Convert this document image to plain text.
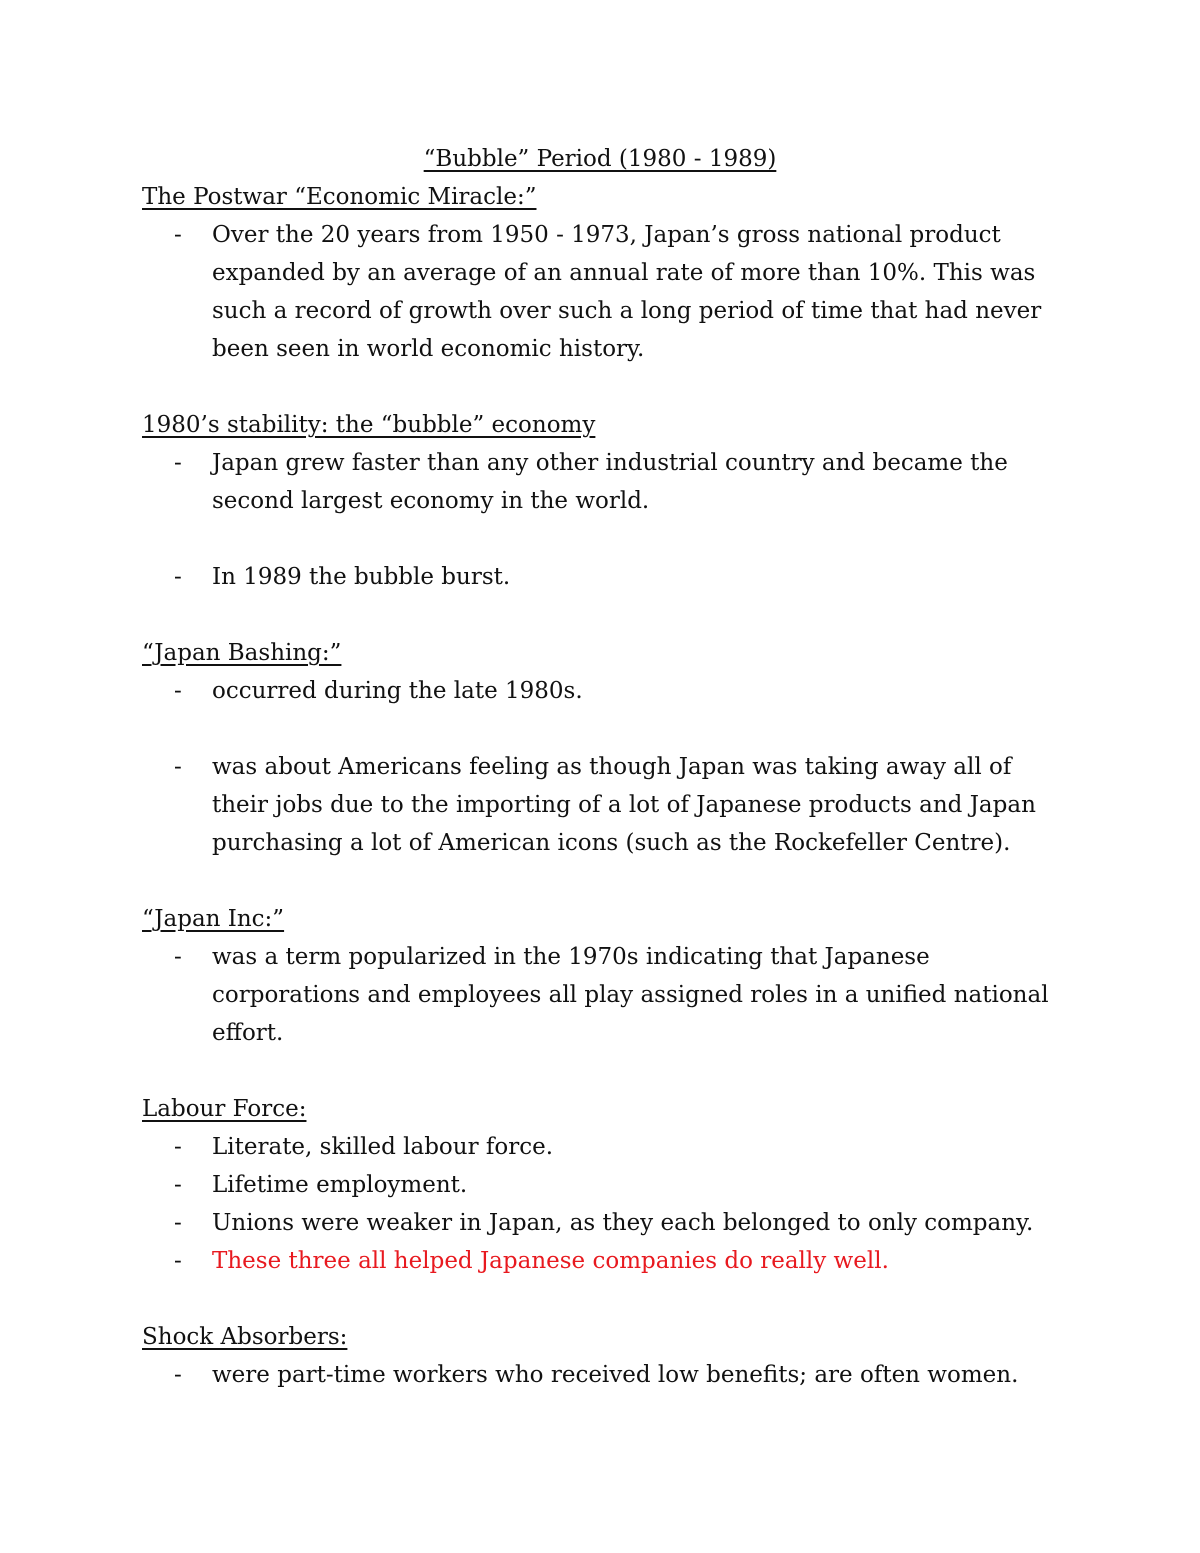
“Bubble” Period (1980 - 1989)
The Postwar “Economic Miracle:”
- Over the 20 years from 1950 - 1973, Japan’s gross national product expanded by an average of an annual rate of more than 10%. This was such a record of growth over such a long period of time that had never been seen in world economic history.
1980’s stability: the “bubble” economy
- Japan grew faster than any other industrial country and became the second largest economy in the world.
- In 1989 the bubble burst.
“Japan Bashing:”
- occurred during the late 1980s.
- was about Americans feeling as though Japan was taking away all of their jobs due to the importing of a lot of Japanese products and Japan purchasing a lot of American icons (such as the Rockefeller Centre).
“Japan Inc:”
- was a term popularized in the 1970s indicating that Japanese corporations and employees all play assigned roles in a unified national effort.
Labour Force:
- Literate, skilled labour force.
- Lifetime employment.
- Unions were weaker in Japan, as they each belonged to only company.
- These three all helped Japanese companies do really well.
Shock Absorbers:
- were part-time workers who received low benefits; are often women.
